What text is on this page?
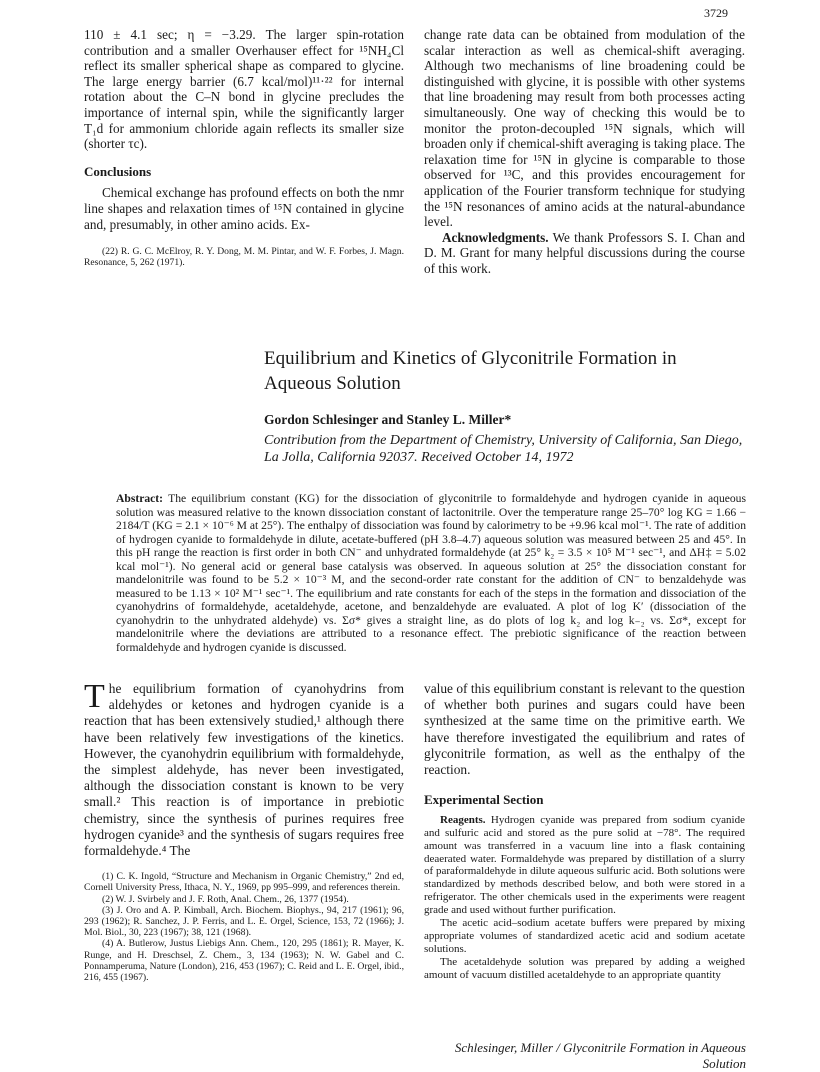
3729

110 ± 4.1 sec; η = −3.29. The larger spin-rotation contribution and a smaller Overhauser effect for ¹⁵NH₄Cl reflect its smaller spherical shape as compared to glycine. The large energy barrier (6.7 kcal/mol)¹¹·²² for internal rotation about the C–N bond in glycine precludes the importance of internal spin, while the significantly larger T₁d for ammonium chloride again reflects its smaller size (shorter τc).

Conclusions

Chemical exchange has profound effects on both the nmr line shapes and relaxation times of ¹⁵N contained in glycine and, presumably, in other amino acids. Ex-

(22) R. G. C. McElroy, R. Y. Dong, M. M. Pintar, and W. F. Forbes, J. Magn. Resonance, 5, 262 (1971).

change rate data can be obtained from modulation of the scalar interaction as well as chemical-shift averaging. Although two mechanisms of line broadening could be distinguished with glycine, it is possible with other systems that line broadening may result from both processes acting simultaneously. One way of checking this would be to monitor the proton-decoupled ¹⁵N signals, which will broaden only if chemical-shift averaging is taking place. The relaxation time for ¹⁵N in glycine is comparable to those observed for ¹³C, and this provides encouragement for application of the Fourier transform technique for studying the ¹⁵N resonances of amino acids at the natural-abundance level.

Acknowledgments. We thank Professors S. I. Chan and D. M. Grant for many helpful discussions during the course of this work.

Equilibrium and Kinetics of Glyconitrile Formation in Aqueous Solution
Gordon Schlesinger and Stanley L. Miller*

Contribution from the Department of Chemistry, University of California, San Diego, La Jolla, California 92037. Received October 14, 1972

Abstract: The equilibrium constant (KG) for the dissociation of glyconitrile to formaldehyde and hydrogen cyanide in aqueous solution was measured relative to the known dissociation constant of lactonitrile. Over the temperature range 25–70° log KG = 1.66 − 2184/T (KG = 2.1 × 10⁻⁶ M at 25°). The enthalpy of dissociation was found by calorimetry to be +9.96 kcal mol⁻¹. The rate of addition of hydrogen cyanide to formaldehyde in dilute, acetate-buffered (pH 3.8–4.7) aqueous solution was measured between 25 and 45°. In this pH range the reaction is first order in both CN⁻ and unhydrated formaldehyde (at 25° k₂ = 3.5 × 10⁵ M⁻¹ sec⁻¹, and ΔH‡ = 5.02 kcal mol⁻¹). No general acid or general base catalysis was observed. In aqueous solution at 25° the dissociation constant for mandelonitrile was found to be 5.2 × 10⁻³ M, and the second-order rate constant for the addition of CN⁻ to benzaldehyde was measured to be 1.13 × 10² M⁻¹ sec⁻¹. The equilibrium and rate constants for each of the steps in the formation and dissociation of the cyanohydrins of formaldehyde, acetaldehyde, acetone, and benzaldehyde are evaluated. A plot of log K′ (dissociation of the cyanohydrin to the unhydrated aldehyde) vs. Σσ* gives a straight line, as do plots of log k₂ and log k₋₂ vs. Σσ*, except for mandelonitrile where the deviations are attributed to a resonance effect. The prebiotic significance of the reaction between formaldehyde and hydrogen cyanide is discussed.

The equilibrium formation of cyanohydrins from aldehydes or ketones and hydrogen cyanide is a reaction that has been extensively studied,¹ although there have been relatively few investigations of the kinetics. However, the cyanohydrin equilibrium with formaldehyde, the simplest aldehyde, has never been investigated, although the dissociation constant is known to be very small.² This reaction is of importance in prebiotic chemistry, since the synthesis of purines requires free hydrogen cyanide³ and the synthesis of sugars requires free formaldehyde.⁴ The

(1) C. K. Ingold, “Structure and Mechanism in Organic Chemistry,” 2nd ed, Cornell University Press, Ithaca, N. Y., 1969, pp 995–999, and references therein.

(2) W. J. Svirbely and J. F. Roth, Anal. Chem., 26, 1377 (1954).

(3) J. Oro and A. P. Kimball, Arch. Biochem. Biophys., 94, 217 (1961); 96, 293 (1962); R. Sanchez, J. P. Ferris, and L. E. Orgel, Science, 153, 72 (1966); J. Mol. Biol., 30, 223 (1967); 38, 121 (1968).

(4) A. Butlerow, Justus Liebigs Ann. Chem., 120, 295 (1861); R. Mayer, K. Runge, and H. Dreschsel, Z. Chem., 3, 134 (1963); N. W. Gabel and C. Ponnamperuma, Nature (London), 216, 453 (1967); C. Reid and L. E. Orgel, ibid., 216, 455 (1967).

value of this equilibrium constant is relevant to the question of whether both purines and sugars could have been synthesized at the same time on the primitive earth. We have therefore investigated the equilibrium and rates of glyconitrile formation, as well as the enthalpy of the reaction.

Experimental Section

Reagents. Hydrogen cyanide was prepared from sodium cyanide and sulfuric acid and stored as the pure solid at −78°. The required amount was transferred in a vacuum line into a flask containing deaerated water. Formaldehyde was prepared by distillation of a slurry of paraformaldehyde in dilute aqueous sulfuric acid. Both solutions were standardized by methods described below, and both were stored in a refrigerator. The other chemicals used in the experiments were reagent grade and used without further purification.

The acetic acid–sodium acetate buffers were prepared by mixing appropriate volumes of standardized acetic acid and sodium acetate solutions.

The acetaldehyde solution was prepared by adding a weighed amount of vacuum distilled acetaldehyde to an appropriate quantity

Schlesinger, Miller / Glyconitrile Formation in Aqueous Solution
